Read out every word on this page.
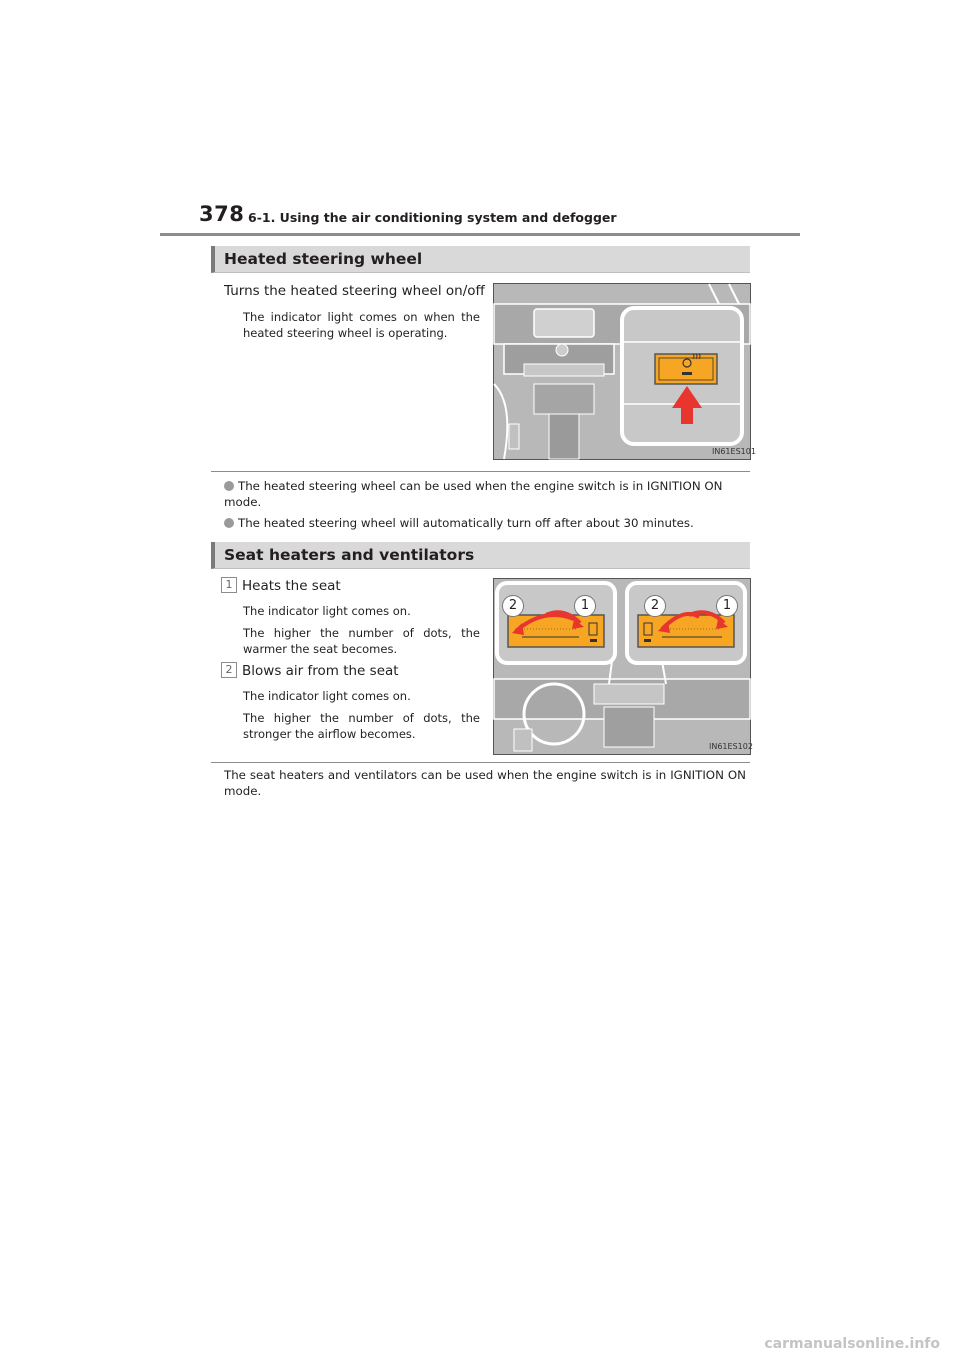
378 6-1. Using the air conditioning system and defogger
Heated steering wheel
Turns the heated steering wheel on/off
The indicator light comes on when the heated steering wheel is operating.
IN61ES101
The heated steering wheel can be used when the engine switch is in IGNITION ON mode.
The heated steering wheel will automatically turn off after about 30 minutes.
Seat heaters and ventilators
1 Heats the seat
The indicator light comes on.
The higher the number of dots, the warmer the seat becomes.
2 Blows air from the seat
The indicator light comes on.
The higher the number of dots, the stronger the airflow becomes.
2	1	2	1
IN61ES102
The seat heaters and ventilators can be used when the engine switch is in IGNITION ON mode.
carmanualsonline.info
